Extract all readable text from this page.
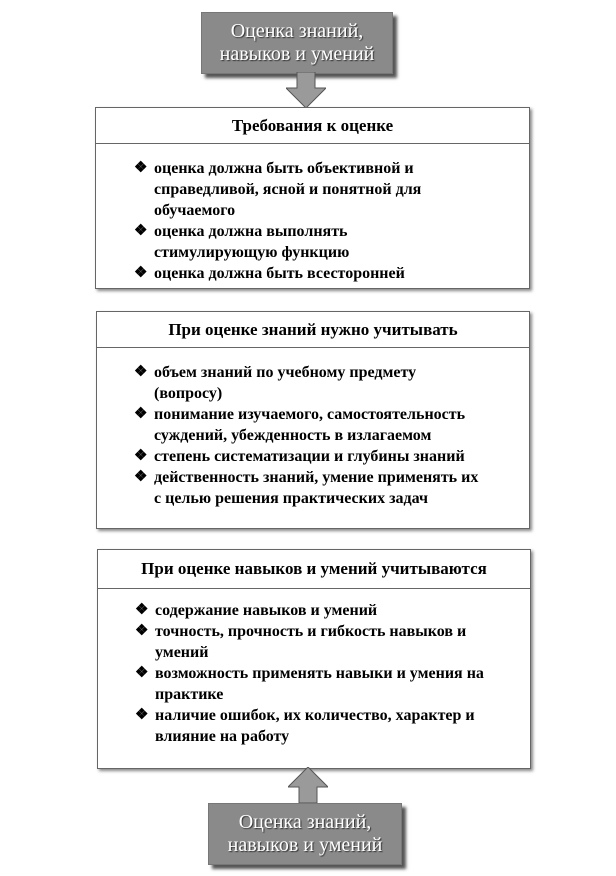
Оценка знаний,
навыков и умений
Требования к оценке
❖ оценка должна быть объективной и
справедливой, ясной и понятной для
обучаемого
❖ оценка должна выполнять
стимулирующую функцию
❖ оценка должна быть всесторонней
При оценке знаний нужно учитывать
❖ объем знаний по учебному предмету
(вопросу)
❖ понимание изучаемого, самостоятельность
суждений, убежденность в излагаемом
❖ степень систематизации и глубины знаний
❖ действенность знаний, умение применять их
с целью решения практических задач
При оценке навыков и умений учитываются
❖ содержание навыков и умений
❖ точность, прочность и гибкость навыков и
умений
❖ возможность применять навыки и умения на
практике
❖ наличие ошибок, их количество, характер и
влияние на работу
Оценка знаний,
навыков и умений
